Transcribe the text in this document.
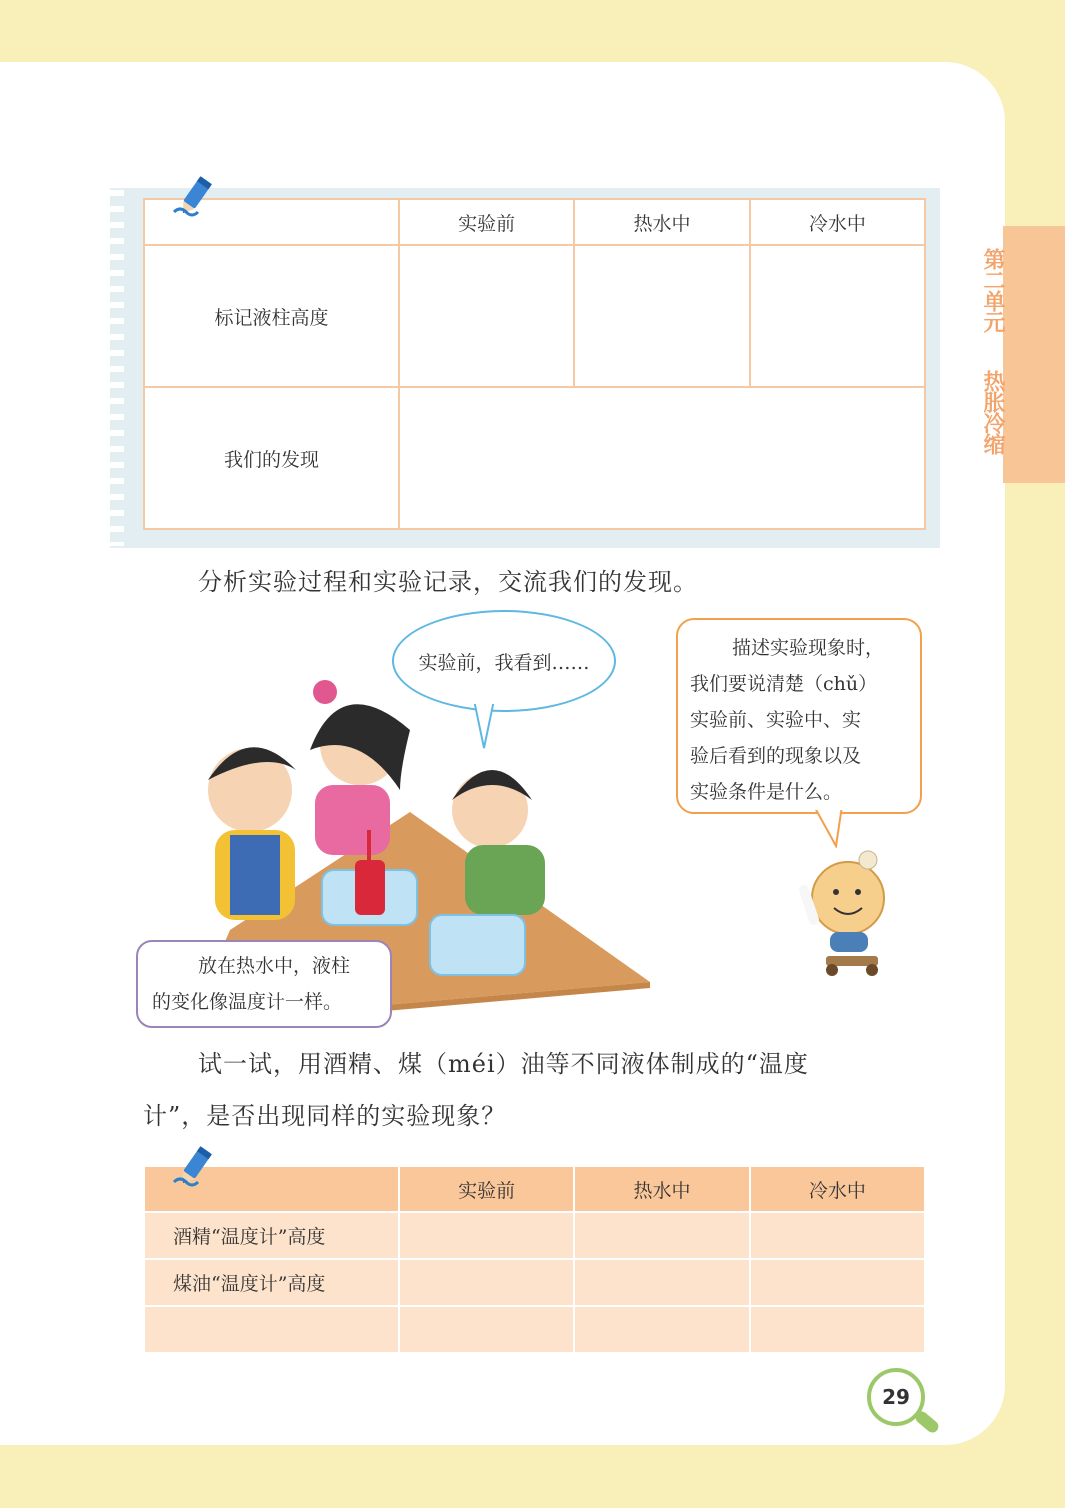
第二单元
热胀冷缩
	实验前	热水中	冷水中
标记液柱高度			
我们的发现			
分析实验过程和实验记录，交流我们的发现。
实验前，我看到……

描述实验现象时，

我们要说清楚（chǔ）

实验前、实验中、实

验后看到的现象以及

实验条件是什么。

放在热水中，液柱

的变化像温度计一样。

试一试，用酒精、煤（méi）油等不同液体制成的“温度
计”，是否出现同样的实验现象？
	实验前	热水中	冷水中
酒精“温度计”高度			
煤油“温度计”高度			

29
